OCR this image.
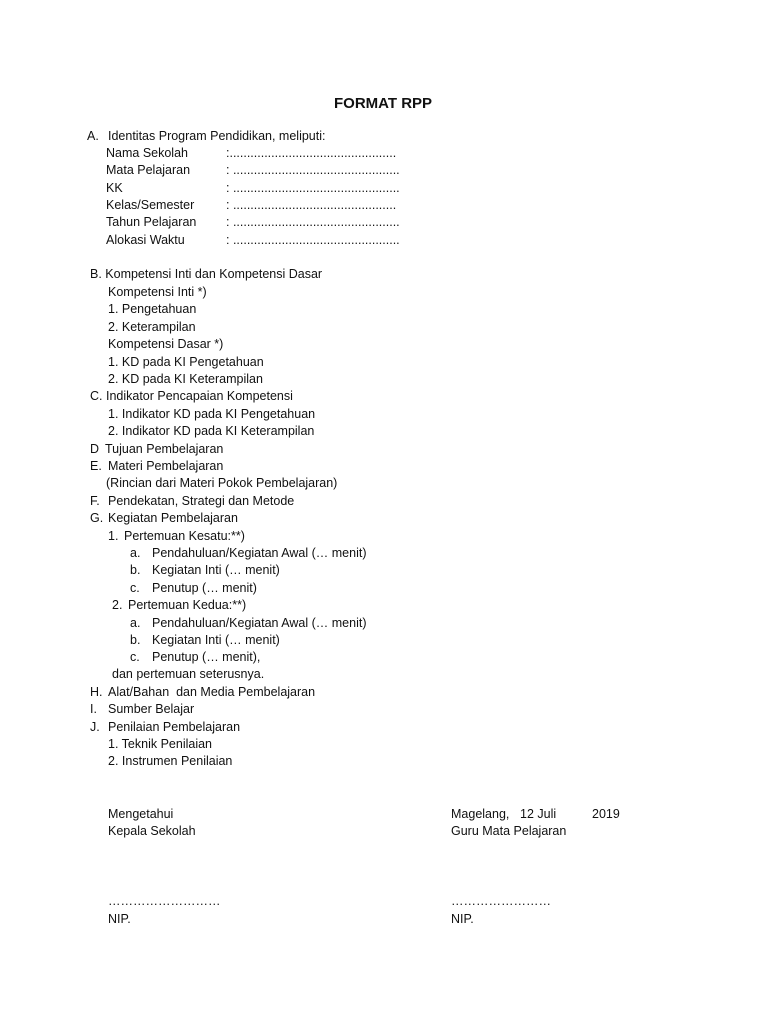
FORMAT RPP
A. Identitas Program Pendidikan, meliputi:
Nama Sekolah	:................................................
Mata Pelajaran	: ................................................
KK	: ................................................
Kelas/Semester	: ...............................................
Tahun Pelajaran : ................................................
Alokasi Waktu	: ................................................
B. Kompetensi Inti dan Kompetensi Dasar
Kompetensi Inti *)
1. Pengetahuan
2. Keterampilan
Kompetensi Dasar *)
1. KD pada KI Pengetahuan
2. KD pada KI Keterampilan
C. Indikator Pencapaian Kompetensi
1. Indikator KD pada KI Pengetahuan
2. Indikator KD pada KI Keterampilan
D Tujuan Pembelajaran
E. Materi Pembelajaran
(Rincian dari Materi Pokok Pembelajaran)
F. Pendekatan, Strategi dan Metode
G. Kegiatan Pembelajaran
1. Pertemuan Kesatu:**)
a. Pendahuluan/Kegiatan Awal (… menit)
b. Kegiatan Inti (… menit)
c. Penutup (… menit)
2. Pertemuan Kedua:**)
a. Pendahuluan/Kegiatan Awal (… menit)
b. Kegiatan Inti (… menit)
c. Penutup (… menit),
dan pertemuan seterusnya.
H. Alat/Bahan  dan Media Pembelajaran
I. Sumber Belajar
J. Penilaian Pembelajaran
1. Teknik Penilaian
2. Instrumen Penilaian
Mengetahui
Kepala Sekolah
………………………
NIP.
Magelang, 12 Juli	2019
Guru Mata Pelajaran
……………………
NIP.
